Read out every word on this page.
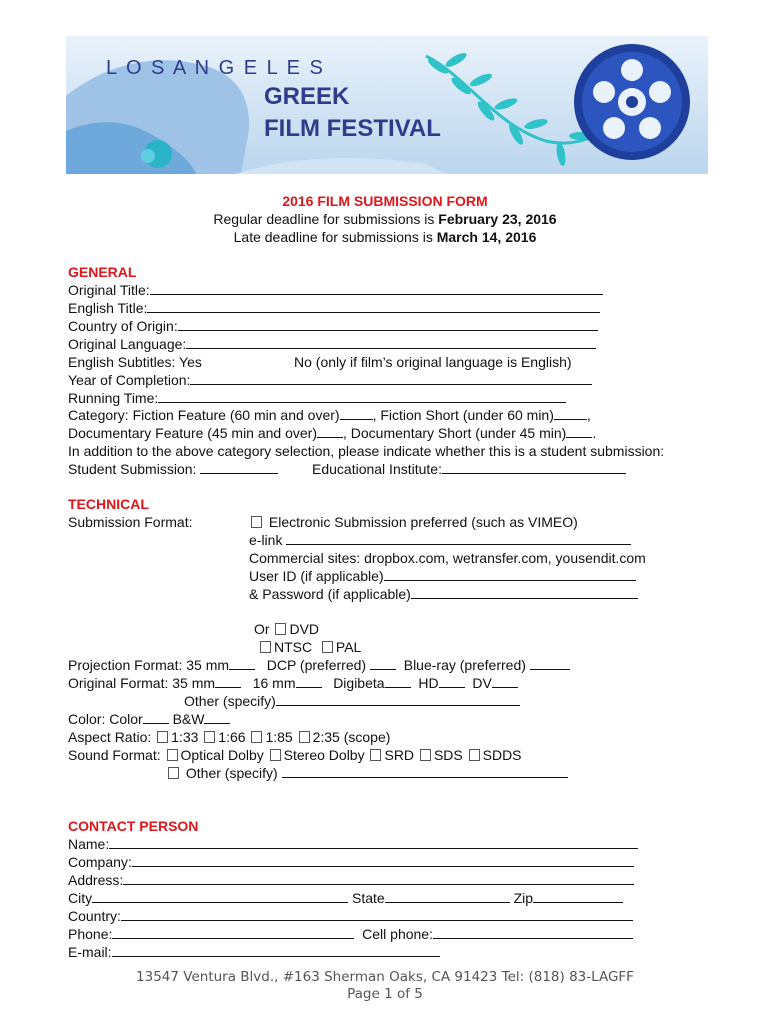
L O S A N G E L E S
GREEK
FILM FESTIVAL
2016 FILM SUBMISSION FORM
Regular deadline for submissions is February 23, 2016
Late deadline for submissions is March 14, 2016
GENERAL
Original Title:
English Title:
Country of Origin:
Original Language:
English Subtitles: Yes	No (only if film’s original language is English)
Year of Completion:
Running Time:
Category: Fiction Feature (60 min and over) , Fiction Short (under 60 min) ,
Documentary Feature (45 min and over) , Documentary Short (under 45 min) .
In addition to the above category selection, please indicate whether this is a student submission:
Student Submission:	Educational Institute:
TECHNICAL
Submission Format:	Electronic Submission preferred (such as VIMEO)
e-link
Commercial sites: dropbox.com, wetransfer.com, yousendit.com
User ID (if applicable)
& Password (if applicable)
Or DVD
NTSC PAL
Projection Format: 35 mm	DCP (preferred)	Blue-ray (preferred)
Original Format: 35 mm	16 mm	Digibeta HD DV
Other (specify)
Color: Color B&W
Aspect Ratio: 1:33 1:66 1:85 2:35 (scope)
Sound Format: Optical Dolby Stereo Dolby SRD SDS SDDS
Other (specify)
CONTACT PERSON
Name:
Company:
Address:
City	State	Zip
Country:
Phone:	Cell phone:
E-mail:
13547 Ventura Blvd., #163 Sherman Oaks, CA 91423 Tel: (818) 83-LAGFF
Page 1 of 5
